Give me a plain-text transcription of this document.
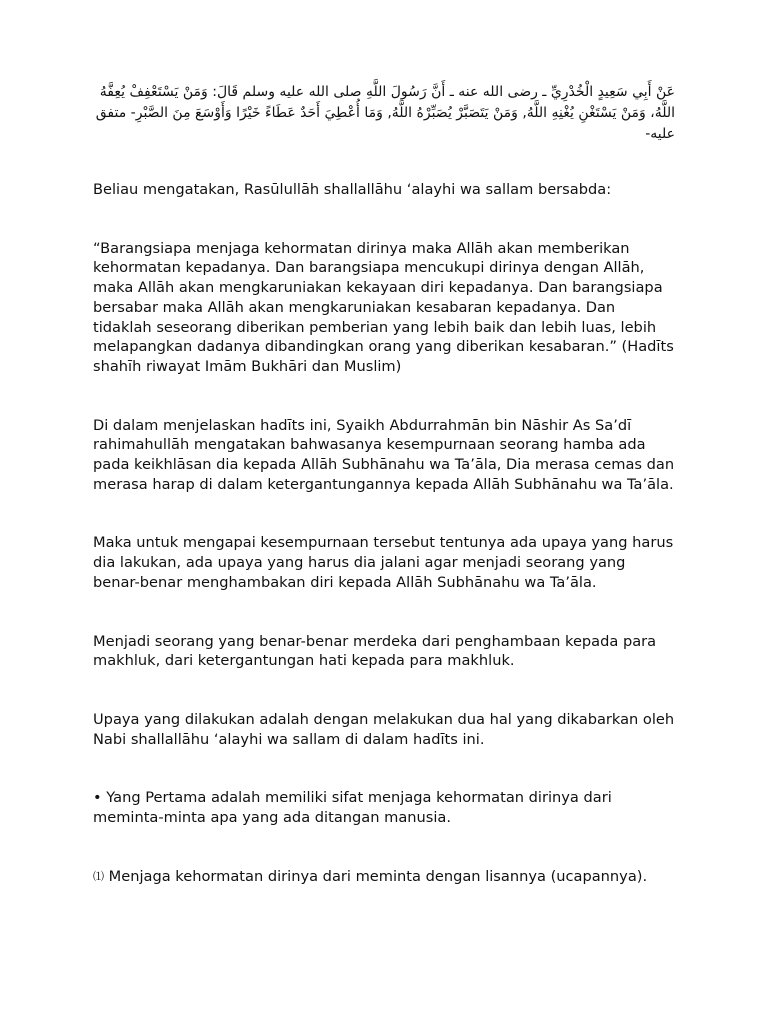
عَنْ أَبِي سَعِيدٍ الْخُدْرِيِّ ـ رضى الله عنه ـ أَنَّ رَسُولَ اللَّهِ صلى الله عليه وسلم قَالَ: وَمَنْ يَسْتَعْفِفْ يُعِفَّهُ اللَّهُ، وَمَنْ يَسْتَغْنِ يُغْنِهِ اللَّهُ, وَمَنْ يَتَصَبَّرْ يُصَبِّرْهُ اللَّهُ, وَمَا أُعْطِيَ أَحَدٌ عَطَاءً خَيْرًا وَأَوْسَعَ مِنَ الصَّبْرِ- متفق عليه-

Beliau mengatakan, Rasūlullāh shallallāhu ‘alayhi wa sallam bersabda:

“Barangsiapa menjaga kehormatan dirinya maka Allāh akan memberikan kehormatan kepadanya. Dan barangsiapa mencukupi dirinya dengan Allāh, maka Allāh akan mengkaruniakan kekayaan diri kepadanya. Dan barangsiapa bersabar maka Allāh akan mengkaruniakan kesabaran kepadanya. Dan tidaklah seseorang diberikan pemberian yang lebih baik dan lebih luas, lebih melapangkan dadanya dibandingkan orang yang diberikan kesabaran.” (Hadīts shahīh riwayat Imām Bukhāri dan Muslim)

Di dalam menjelaskan hadīts ini, Syaikh Abdurrahmān bin Nāshir As Sa’dī rahimahullāh mengatakan bahwasanya kesempurnaan seorang hamba ada pada keikhlāsan dia kepada Allāh Subhānahu wa Ta’āla, Dia merasa cemas dan merasa harap di dalam ketergantungannya kepada Allāh Subhānahu wa Ta’āla.

Maka untuk mengapai kesempurnaan tersebut tentunya ada upaya yang harus dia lakukan, ada upaya yang harus dia jalani agar menjadi seorang yang benar-benar menghambakan diri kepada Allāh Subhānahu wa Ta’āla.

Menjadi seorang yang benar-benar merdeka dari penghambaan kepada para makhluk, dari ketergantungan hati kepada para makhluk.

Upaya yang dilakukan adalah dengan melakukan dua hal yang dikabarkan oleh Nabi shallallāhu ‘alayhi wa sallam di dalam hadīts ini.

• Yang Pertama adalah memiliki sifat menjaga kehormatan dirinya dari meminta-minta apa yang ada ditangan manusia.

⑴ Menjaga kehormatan dirinya dari meminta dengan lisannya (ucapannya).
